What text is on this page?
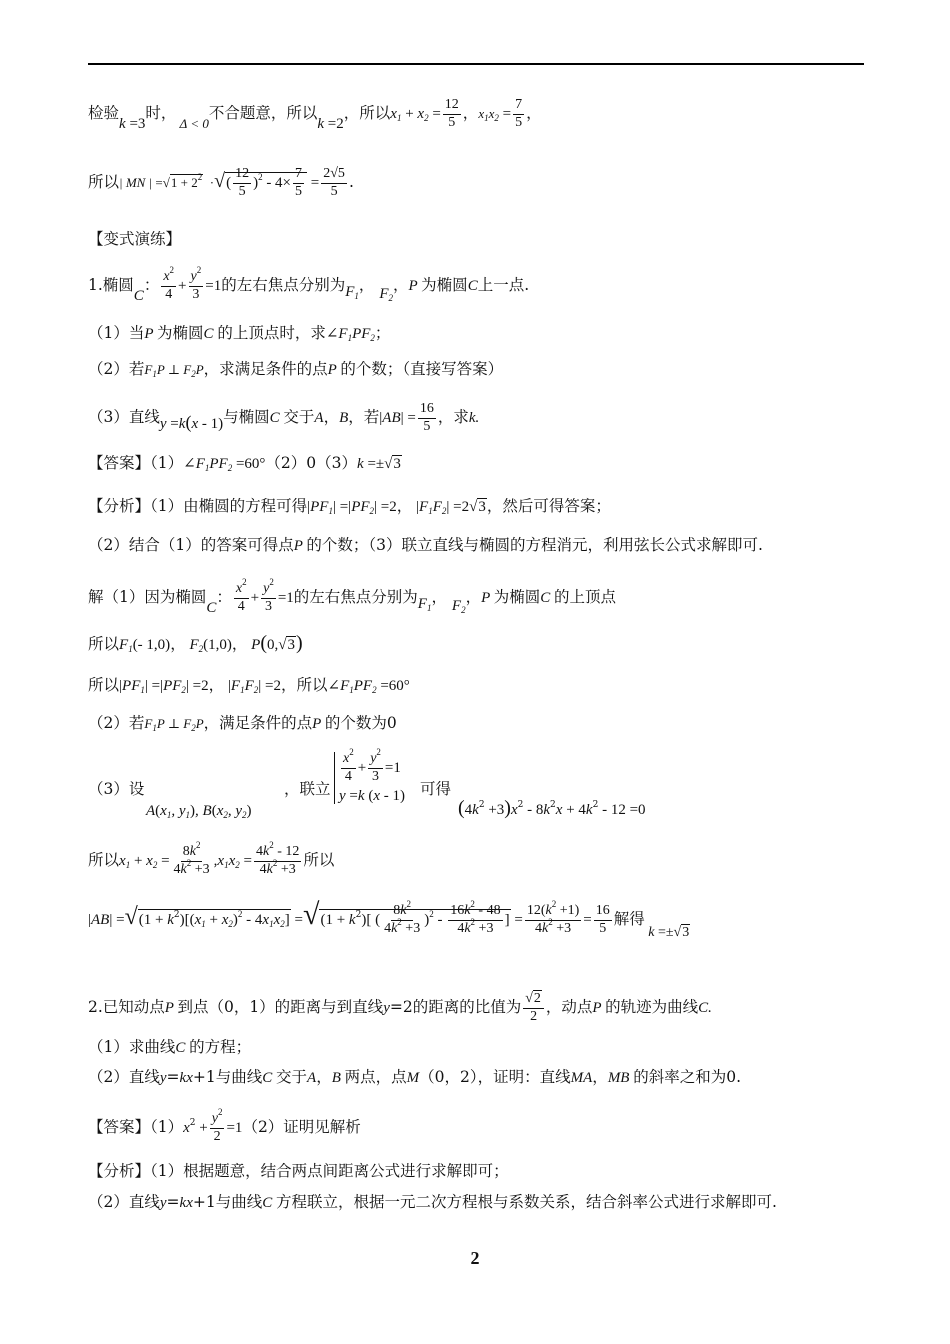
检验k =3时， $_{\Delta < 0}$不合题意，所以k =2，所以$x_1 + x_2 = \frac{12}{5}$ ，$x_1x_2 = \frac{7}{5}$ ，
所以| MN | $=√1 + 2^2$  ·√( $\frac{12}{5} )^2 - 4\times \frac{7}{5} = \frac{2√5}{5}$ .
【变式演练】
1.椭圆C： $\frac{x^2}{4} + \frac{y^2}{3} =1$的左右焦点分别为$F_1$， $F_2$，P 为椭圆C上一点.
（1）当P 为椭圆C 的上顶点时，求$\angle F_1PF_2$；
（2）若$F_1P$ ⊥ $F_2P$，求满足条件的点P 的个数；（直接写答案）
（3）直线y =k(x - 1)与椭圆C 交于A，B，若$|AB| = \frac{16}{5}$ ，求k.
【答案】$(1)\angle F_1PF_2 =60^\circ(2)0(3)k =\pm√3$
【分析】（1）由椭圆的方程可得$|PF_1| =|PF_2| =2$， $|F_1F_2| =2√3$，然后可得答案；
（2）结合（1）的答案可得点P 的个数；（3）联立直线与椭圆的方程消元，利用弦长公式求解即可.
解（1）因为椭圆C： $\frac{x^2}{4} + \frac{y^2}{3} =1$的左右焦点分别为$F_1$， $F_2$，P 为椭圆C 的上顶点
所以$F_1(-$ 1,0)， $F_2(1,0)$， P(0,√3)
所以$|PF_1| =|PF_2| =2$， $|F_1F_2| =2$，所以$\angle F_1PF_2 =60^\circ$
（2）若$F_1P$ ⊥ $F_2P$，满足条件的点P 的个数为0
（3）设
$A(x_1$, $y_1$), $B(x_2$, $y_2$)
，联立
$\frac{x^2}{4} + \frac{y^2}{3} =1$
y =k (x - 1) 可得
$(4k^2 +3)x^2 - 8k^2x + 4k^2 - 12 =0$
所以$x_1 + x_2 = \frac{8k^2}{4k^2 +3} ,x_1x_2 = \frac{4k^2 - 12}{4k^2 +3}$ 所以
$|AB| =√(1 + k^2)[(x_1 + x_2)^2 - 4x_1x_2] =√(1 + k^2)$[ ( $\frac{8k^2}{4k^2 +3} )^2 - \frac{16k^2 - 48}{4k^2 +3}$ ] = $\frac{12(k^2 +1)}{4k^2 +3} = \frac{16}{5}$ 解得 k =±√3
2.已知动点P 到点（0，1）的距离与到直线y=2的距离的比值为 $\frac{√2}{2}$ ，动点P 的轨迹为曲线C.
（1）求曲线C 的方程；
（2）直线y=kx+1与曲线C 交于A，B 两点，点M（0，2），证明：直线MA，MB 的斜率之和为0.
【答案】$(1)x^2 + \frac{y^2}{2} =1(2)$证明见解析
【分析】（1）根据题意，结合两点间距离公式进行求解即可；
（2）直线y=kx+1与曲线C 方程联立，根据一元二次方程根与系数关系，结合斜率公式进行求解即可.
2
